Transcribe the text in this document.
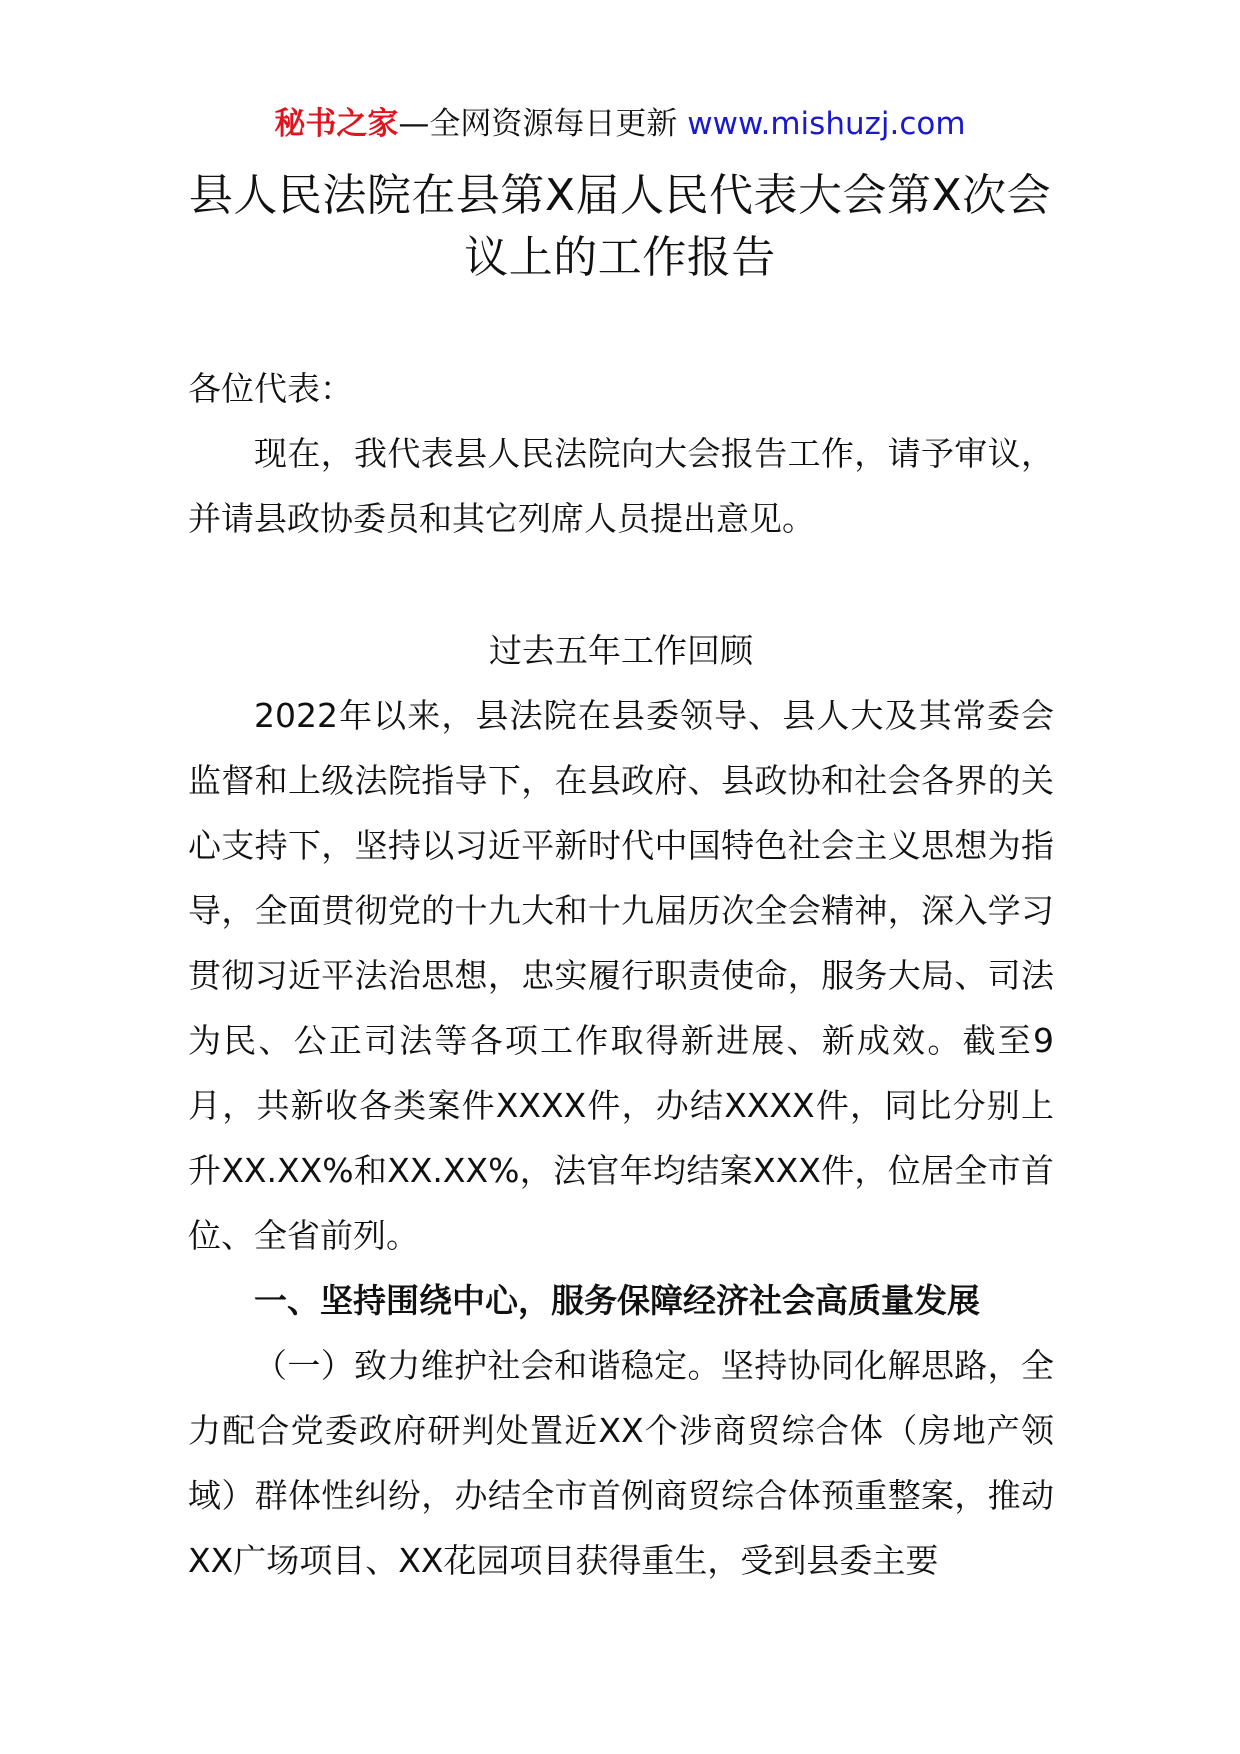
秘书之家—全网资源每日更新 www.mishuzj.com
县人民法院在县第Ⅹ届人民代表大会第Ⅹ次会议上的工作报告
各位代表：

现在，我代表县人民法院向大会报告工作，请予审议，并请县政协委员和其它列席人员提出意见。

过去五年工作回顾

2022年以来，县法院在县委领导、县人大及其常委会监督和上级法院指导下，在县政府、县政协和社会各界的关心支持下，坚持以习近平新时代中国特色社会主义思想为指导，全面贯彻党的十九大和十九届历次全会精神，深入学习贯彻习近平法治思想，忠实履行职责使命，服务大局、司法为民、公正司法等各项工作取得新进展、新成效。截至9月，共新收各类案件XXXX件，办结XXXX件，同比分别上升XX.XX%和XX.XX%，法官年均结案XXX件，位居全市首位、全省前列。

一、坚持围绕中心，服务保障经济社会高质量发展

（一）致力维护社会和谐稳定。坚持协同化解思路，全力配合党委政府研判处置近XX个涉商贸综合体（房地产领域）群体性纠纷，办结全市首例商贸综合体预重整案，推动XX广场项目、XX花园项目获得重生，受到县委主要
